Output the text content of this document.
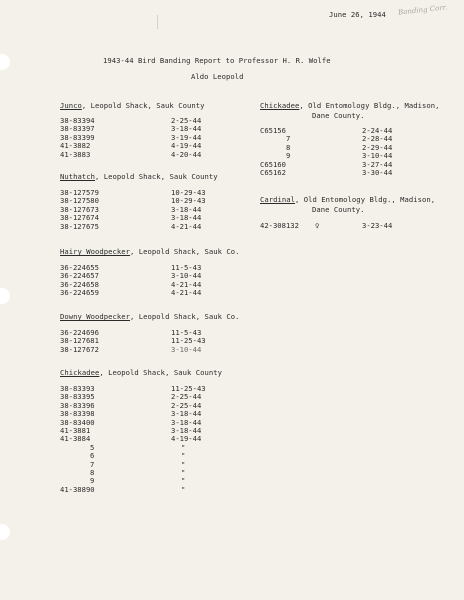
June 26, 1944 Banding Corr.
1943-44 Bird Banding Report to Professor H. R. Wolfe
Aldo Leopold
Junco, Leopold Shack, Sauk County
38-83394	2-25-44
38-83397	3-18-44
38-83399	3-19-44
41-3882	4-19-44
41-3883	4-20-44
Nuthatch, Leopold Shack, Sauk County
38-127579	10-29-43
38-127580	10-29-43
38-127673	3-18-44
38-127674	3-18-44
38-127675	4-21-44
Hairy Woodpecker, Leopold Shack, Sauk Co.
36-224655	11-5-43
36-224657	3-10-44
36-224658	4-21-44
36-224659	4-21-44
Downy Woodpecker, Leopold Shack, Sauk Co.
36-224696	11-5-43
38-127681	11-25-43
38-127672	3-10-44
Chickadee, Leopold Shack, Sauk County
38-83393	11-25-43
38-83395	2-25-44
38-83396	2-25-44
38-83398	3-18-44
38-83400	3-18-44
41-3881	3-18-44
41-3884	4-19-44
5	"
6	"
7	"
8	"
9	"
41-38890	"
Chickadee, Old Entomology Bldg., Madison,
Dane County.
C65156	2-24-44
7	2-28-44
8	2-29-44
9	3-10-44
C65160	3-27-44
C65162	3-30-44
Cardinal, Old Entomology Bldg., Madison,
Dane County.
42-308132 ♀	3-23-44
